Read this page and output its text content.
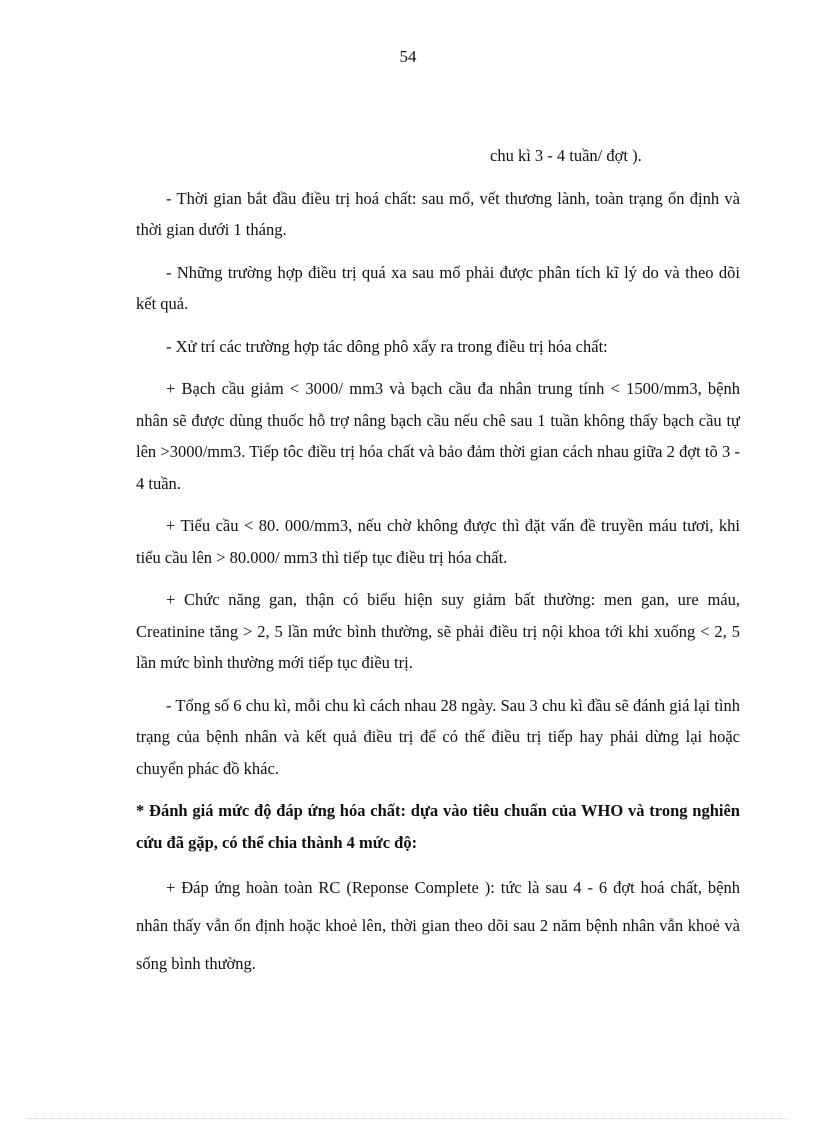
54

chu kì 3 - 4 tuần/ đợt ).

- Thời gian bắt đầu điều trị hoá chất: sau mổ, vết thương lành, toàn trạng ổn định và thời gian dưới 1 tháng.

- Những trường hợp điều trị quá xa sau mổ phải được phân tích kĩ lý do và theo dõi kết quả.

- Xử trí các trường hợp tác dông phô xẩy ra trong điều trị hóa chất:

+ Bạch cầu giảm < 3000/ mm3 và bạch cầu đa nhân trung tính < 1500/mm3, bệnh nhân sẽ được dùng thuốc hỗ trợ nâng bạch cầu nếu chê sau 1 tuần không thấy bạch cầu tự lên >3000/mm3. Tiếp tôc điều trị hóa chất và bảo đảm thời gian cách nhau giữa 2 đợt tõ 3 - 4 tuần.

+ Tiểu cầu < 80. 000/mm3, nếu chờ không được thì đặt vấn đề truyền máu tươi, khi tiểu cầu lên > 80.000/ mm3 thì tiếp tục điều trị hóa chất.

+ Chức năng gan, thận có biểu hiện suy giảm bất thường: men gan, ure máu, Creatinine tăng > 2, 5 lần mức bình thường, sẽ phải điều trị nội khoa tới khi xuống < 2, 5 lần mức bình thường mới tiếp tục điều trị.

- Tổng số 6 chu kì, mỗi chu kì cách nhau 28 ngày. Sau 3 chu kì đầu sẽ đánh giá lại tình trạng của bệnh nhân và kết quả điều trị để có thể điều trị tiếp hay phải dừng lại hoặc chuyển phác đồ khác.

* Đánh giá mức độ đáp ứng hóa chất: dựa vào tiêu chuẩn của WHO và trong nghiên cứu đã gặp, có thể chia thành 4 mức độ:

+ Đáp ứng hoàn toàn RC (Reponse Complete ): tức là sau 4 - 6 đợt hoá chất, bệnh nhân thấy vẫn ổn định hoặc khoẻ lên, thời gian theo dõi sau 2 năm bệnh nhân vẫn khoẻ và sống bình thường.
